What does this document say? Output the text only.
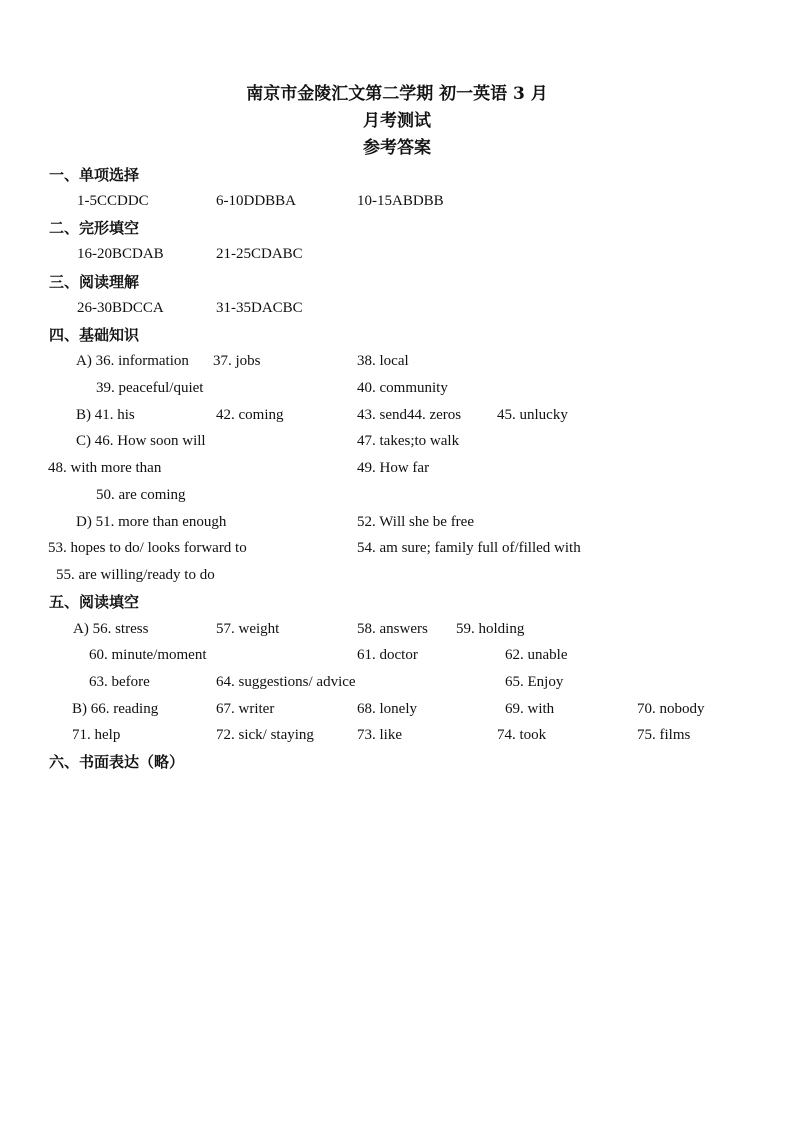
南京市金陵汇文第二学期 初一英语 3 月
月考测试
参考答案
一、单项选择
1-5CCDDC	6-10DDBBA	10-15ABDBB
二、完形填空
16-20BCDAB	21-25CDABC
三、阅读理解
26-30BDCCA	31-35DACBC
四、基础知识
A) 36. information 37. jobs	38. local
39. peaceful/quiet	40. community
B) 41. his	42. coming	43. send44. zeros 45. unlucky
C) 46. How soon will	47. takes;to walk
48. with more than	49. How far
50. are coming
D) 51. more than enough	52. Will she be free
53. hopes to do/ looks forward to	54. am sure; family full of/filled with
55. are willing/ready to do
五、阅读填空
A) 56. stress	57. weight	58. answers 59. holding
60. minute/moment	61. doctor	62. unable
63. before	64. suggestions/ advice	65. Enjoy
B) 66. reading	67. writer	68. lonely	69. with	70. nobody
71. help	72. sick/ staying	73. like	74. took	75. films
六、书面表达（略）
